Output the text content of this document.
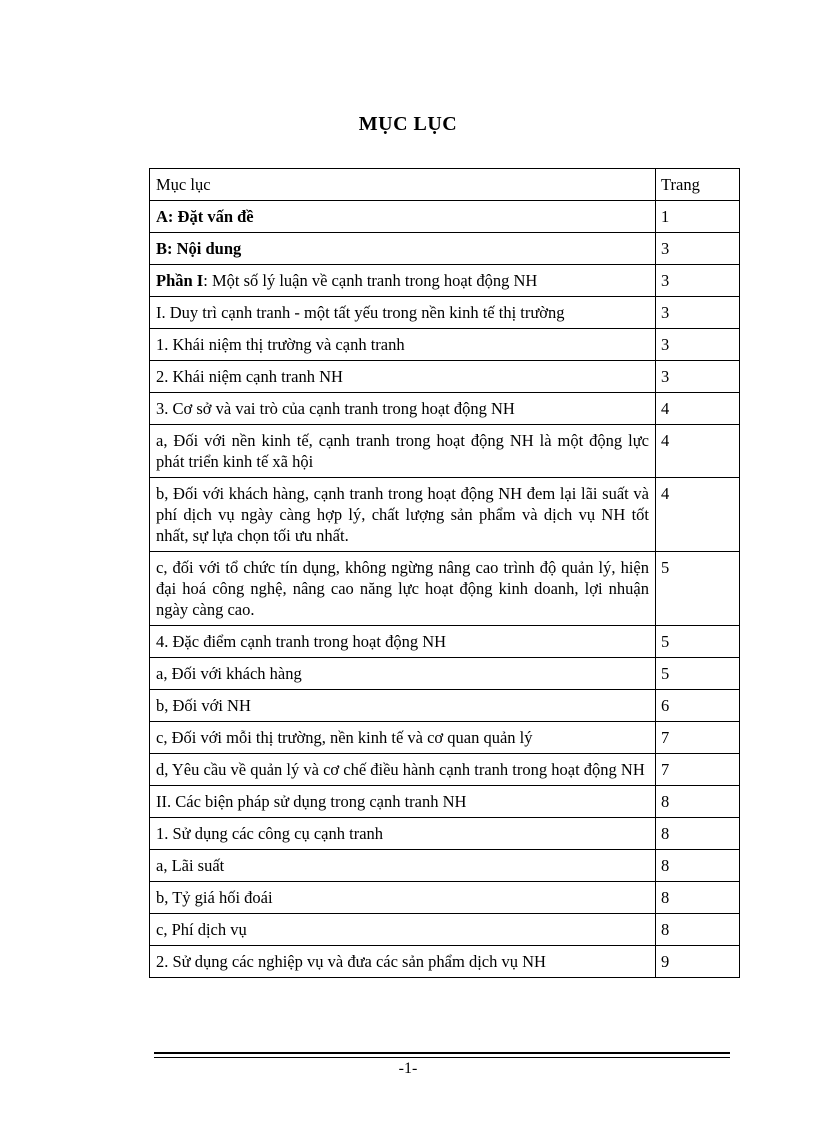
MỤC LỤC
Mục lục	Trang
A: Đặt vấn đề	1
B: Nội dung	3
Phần I: Một số lý luận về cạnh tranh trong hoạt động NH	3
I. Duy trì cạnh tranh - một tất yếu trong nền kinh tế thị trường	3
1. Khái niệm thị trường và cạnh tranh	3
2. Khái niệm cạnh tranh NH	3
3. Cơ sở và vai trò của cạnh tranh trong hoạt động NH	4
a, Đối với nền kinh tế, cạnh tranh trong hoạt động NH là một động lực phát triển kinh tế xã hội	4
b, Đối với khách hàng, cạnh tranh trong hoạt động NH đem lại lãi suất và phí dịch vụ ngày càng hợp lý, chất lượng sản phẩm và dịch vụ NH tốt nhất, sự lựa chọn tối ưu nhất.	4
c, đối với tổ chức tín dụng, không ngừng nâng cao trình độ quản lý, hiện đại hoá công nghệ, nâng cao năng lực hoạt động kinh doanh, lợi nhuận ngày càng cao.	5
4. Đặc điểm cạnh tranh trong hoạt động NH	5
a, Đối với khách hàng	5
b, Đối với NH	6
c, Đối với mỗi thị trường, nền kinh tế và cơ quan quản lý	7
d, Yêu cầu về quản lý và cơ chế điều hành cạnh tranh trong hoạt động NH	7
II. Các biện pháp sử dụng trong cạnh tranh NH	8
1. Sử dụng các công cụ cạnh tranh	8
a, Lãi suất	8
b, Tỷ giá hối đoái	8
c, Phí dịch vụ	8
2. Sử dụng các nghiệp vụ và đưa các sản phẩm dịch vụ NH	9
-1-
